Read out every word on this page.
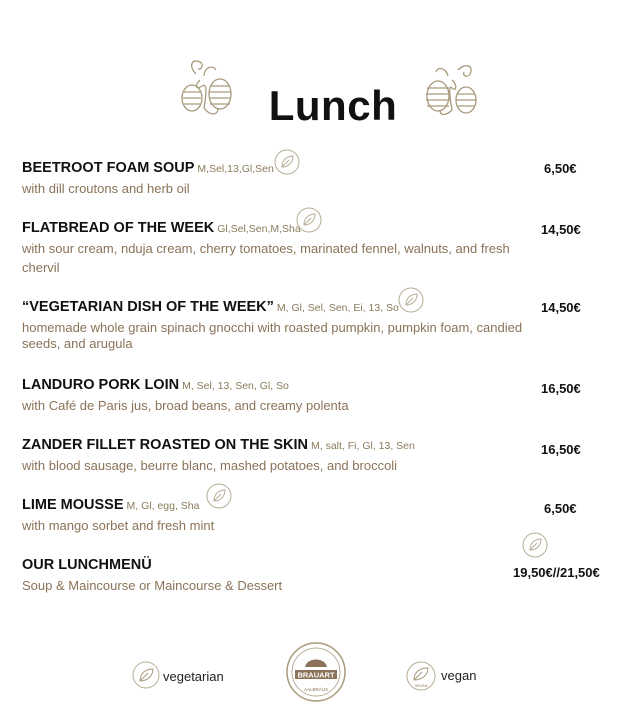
Lunch
BEETROOT FOAM SOUP M,Sel,13,Gl,Sen
with dill croutons and herb oil
6,50€
FLATBREAD OF THE WEEK Gl,Sel,Sen,M,Sha
with sour cream, nduja cream, cherry tomatoes, marinated fennel, walnuts, and fresh chervil
14,50€
“VEGETARIAN DISH OF THE WEEK” M, Gl, Sel, Sen, Ei, 13, So
homemade whole grain spinach gnocchi with roasted pumpkin, pumpkin foam, candied seeds, and arugula
14,50€
LANDURO PORK LOIN M, Sel, 13, Sen, Gl, So
with Café de Paris jus, broad beans, and creamy polenta
16,50€
ZANDER FILLET ROASTED ON THE SKIN M, salt, Fi, Gl, 13, Sen
with blood sausage, beurre blanc, mashed potatoes, and broccoli
16,50€
LIME MOUSSE M, Gl, egg, Sha
with mango sorbet and fresh mint
6,50€
OUR LUNCHMENÜ
Soup & Maincourse or Maincourse & Dessert
19,50€//21,50€
vegetarian	BRAUART
AALBRÄUS
VEGAN
vegan
